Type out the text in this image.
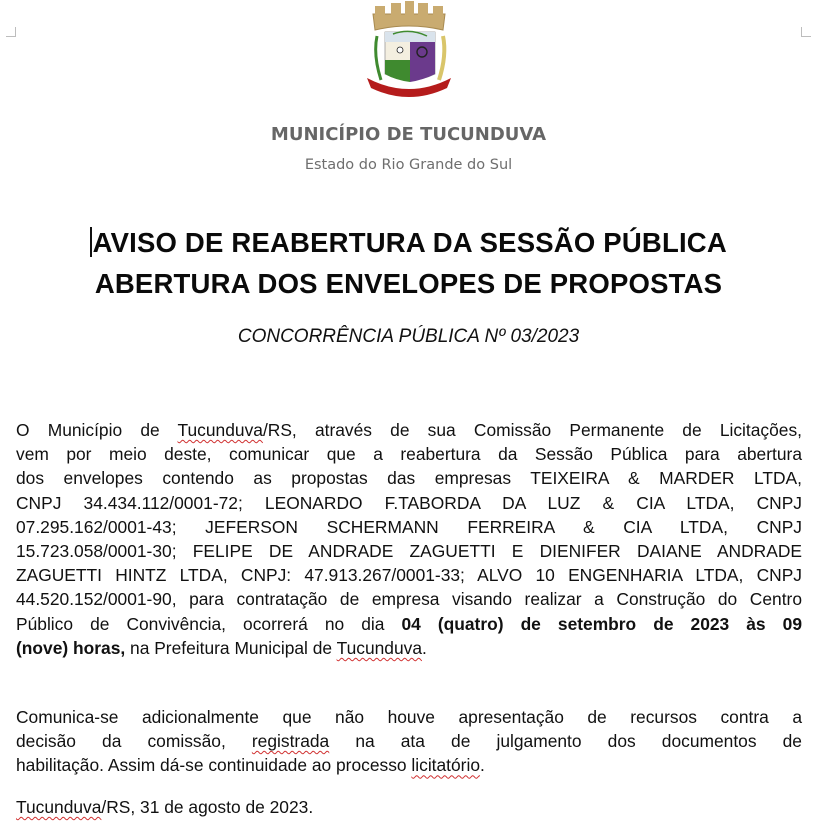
MUNICÍPIO DE TUCUNDUVA
Estado do Rio Grande do Sul
AVISO DE REABERTURA DA SESSÃO PÚBLICA
ABERTURA DOS ENVELOPES DE PROPOSTAS
CONCORRÊNCIA PÚBLICA Nº 03/2023
O Município de Tucunduva/RS, através de sua Comissão Permanente de Licitações,
vem por meio deste, comunicar que a reabertura da Sessão Pública para abertura
dos envelopes contendo as propostas das empresas TEIXEIRA & MARDER LTDA,
CNPJ 34.434.112/0001-72; LEONARDO F.TABORDA DA LUZ & CIA LTDA, CNPJ
07.295.162/0001-43; JEFERSON SCHERMANN FERREIRA & CIA LTDA, CNPJ
15.723.058/0001-30; FELIPE DE ANDRADE ZAGUETTI E DIENIFER DAIANE ANDRADE
ZAGUETTI HINTZ LTDA, CNPJ: 47.913.267/0001-33; ALVO 10 ENGENHARIA LTDA, CNPJ
44.520.152/0001-90, para contratação de empresa visando realizar a Construção do Centro
Público de Convivência, ocorrerá no dia 04 (quatro) de setembro de 2023 às 09
(nove) horas, na Prefeitura Municipal de Tucunduva.
Comunica-se adicionalmente que não houve apresentação de recursos contra a
decisão da comissão, registrada na ata de julgamento dos documentos de
habilitação. Assim dá-se continuidade ao processo licitatório.
Tucunduva/RS, 31 de agosto de 2023.
